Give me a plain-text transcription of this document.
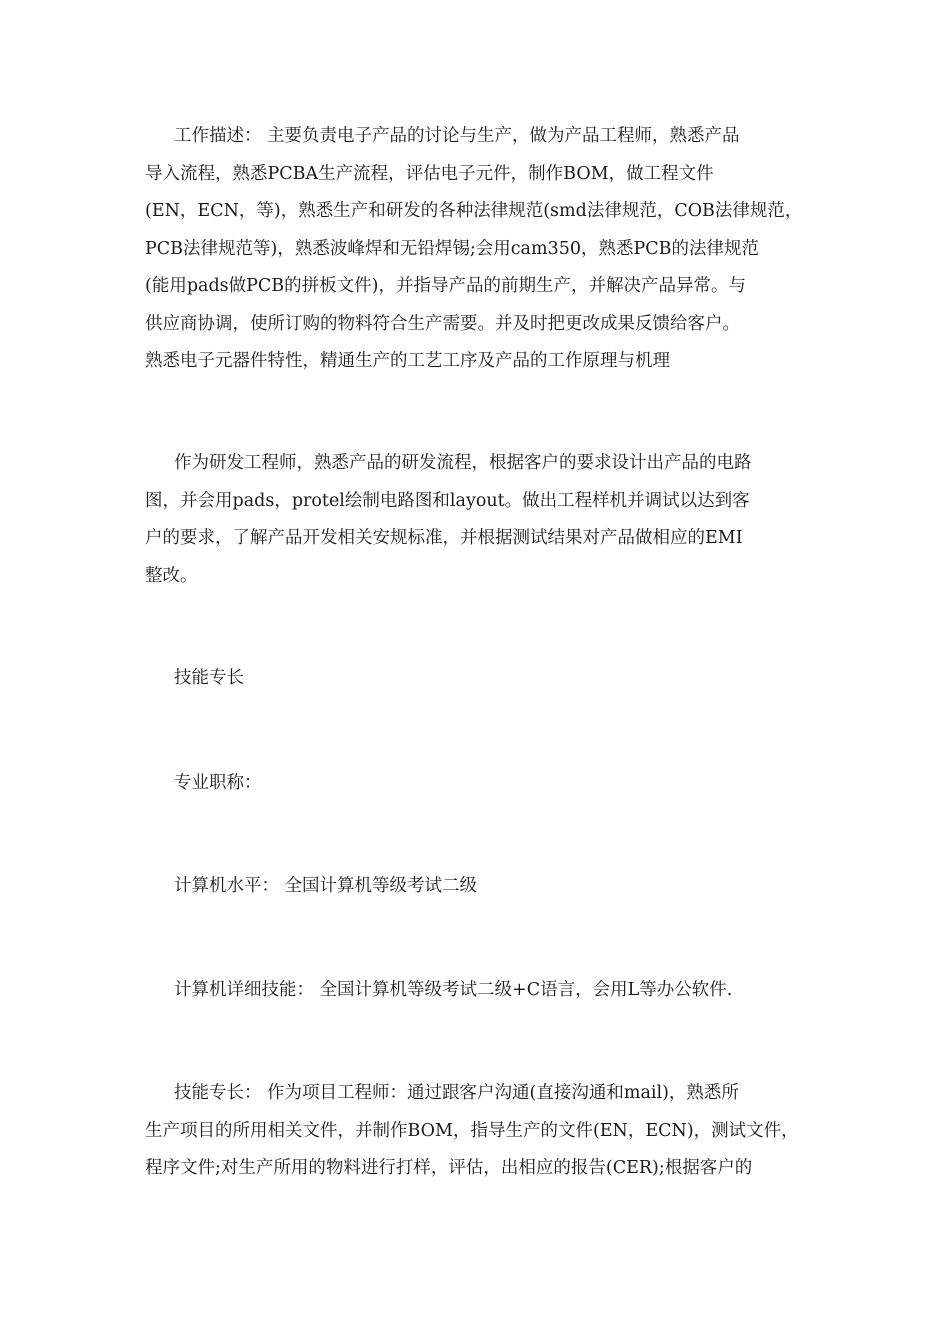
工作描述： 主要负责电子产品的讨论与生产，做为产品工程师，熟悉产品
导入流程，熟悉PCBA生产流程，评估电子元件，制作BOM，做工程文件
(EN，ECN，等)，熟悉生产和研发的各种法律规范(smd法律规范，COB法律规范，
PCB法律规范等)，熟悉波峰焊和无铅焊锡;会用cam350，熟悉PCB的法律规范
(能用pads做PCB的拼板文件)，并指导产品的前期生产，并解决产品异常。与
供应商协调，使所订购的物料符合生产需要。并及时把更改成果反馈给客户。
熟悉电子元器件特性，精通生产的工艺工序及产品的工作原理与机理
作为研发工程师，熟悉产品的研发流程，根据客户的要求设计出产品的电路
图，并会用pads，protel绘制电路图和layout。做出工程样机并调试以达到客
户的要求，了解产品开发相关安规标准，并根据测试结果对产品做相应的EMI
整改。
技能专长
专业职称：
计算机水平： 全国计算机等级考试二级
计算机详细技能： 全国计算机等级考试二级+C语言，会用L等办公软件.
技能专长： 作为项目工程师：通过跟客户沟通(直接沟通和mail)，熟悉所
生产项目的所用相关文件，并制作BOM，指导生产的文件(EN，ECN)，测试文件，
程序文件;对生产所用的物料进行打样，评估，出相应的报告(CER);根据客户的
